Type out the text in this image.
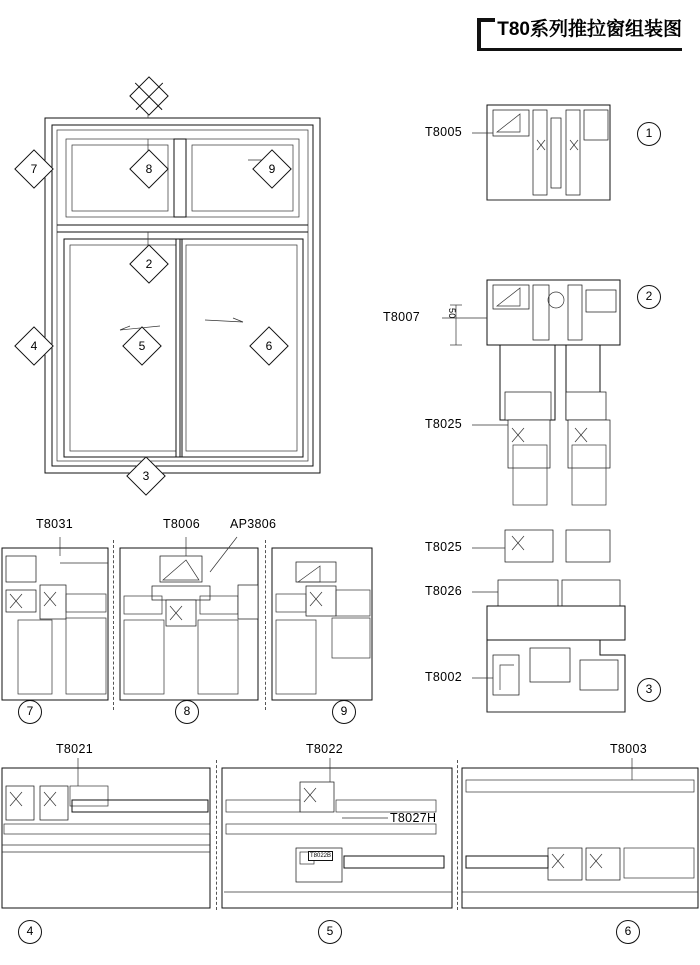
T80系列推拉窗组装图
7	8	9
2
4	5	6
3
T8005
T8007	50
T8025
T8025
T8026
T8002
1
2
3
T8031	T8006 AP3806
7	8	9
T8021	T8022	T8003
T8027H
T8022B
4	5	6
